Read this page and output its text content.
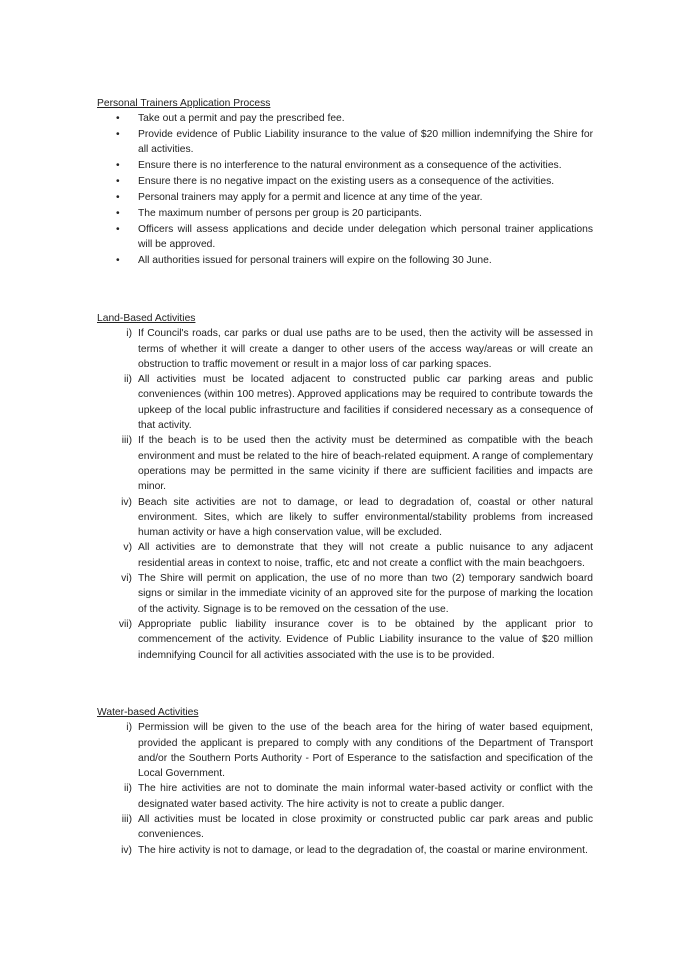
Personal Trainers Application Process

• Take out a permit and pay the prescribed fee.
• Provide evidence of Public Liability insurance to the value of $20 million indemnifying the Shire for all activities.
• Ensure there is no interference to the natural environment as a consequence of the activities.
• Ensure there is no negative impact on the existing users as a consequence of the activities.
• Personal trainers may apply for a permit and licence at any time of the year.
• The maximum number of persons per group is 20 participants.
• Officers will assess applications and decide under delegation which personal trainer applications will be approved.
• All authorities issued for personal trainers will expire on the following 30 June.

Land-Based Activities

i) If Council's roads, car parks or dual use paths are to be used, then the activity will be assessed in terms of whether it will create a danger to other users of the access way/areas or will create an obstruction to traffic movement or result in a major loss of car parking spaces.
ii) All activities must be located adjacent to constructed public car parking areas and public conveniences (within 100 metres). Approved applications may be required to contribute towards the upkeep of the local public infrastructure and facilities if considered necessary as a consequence of that activity.
iii) If the beach is to be used then the activity must be determined as compatible with the beach environment and must be related to the hire of beach-related equipment. A range of complementary operations may be permitted in the same vicinity if there are sufficient facilities and impacts are minor.
iv) Beach site activities are not to damage, or lead to degradation of, coastal or other natural environment. Sites, which are likely to suffer environmental/stability problems from increased human activity or have a high conservation value, will be excluded.
v) All activities are to demonstrate that they will not create a public nuisance to any adjacent residential areas in context to noise, traffic, etc and not create a conflict with the main beachgoers.
vi) The Shire will permit on application, the use of no more than two (2) temporary sandwich board signs or similar in the immediate vicinity of an approved site for the purpose of marking the location of the activity. Signage is to be removed on the cessation of the use.
vii) Appropriate public liability insurance cover is to be obtained by the applicant prior to commencement of the activity. Evidence of Public Liability insurance to the value of $20 million indemnifying Council for all activities associated with the use is to be provided.

Water-based Activities

i) Permission will be given to the use of the beach area for the hiring of water based equipment, provided the applicant is prepared to comply with any conditions of the Department of Transport and/or the Southern Ports Authority - Port of Esperance to the satisfaction and specification of the Local Government.
ii) The hire activities are not to dominate the main informal water-based activity or conflict with the designated water based activity. The hire activity is not to create a public danger.
iii) All activities must be located in close proximity or constructed public car park areas and public conveniences.
iv) The hire activity is not to damage, or lead to the degradation of, the coastal or marine environment.
